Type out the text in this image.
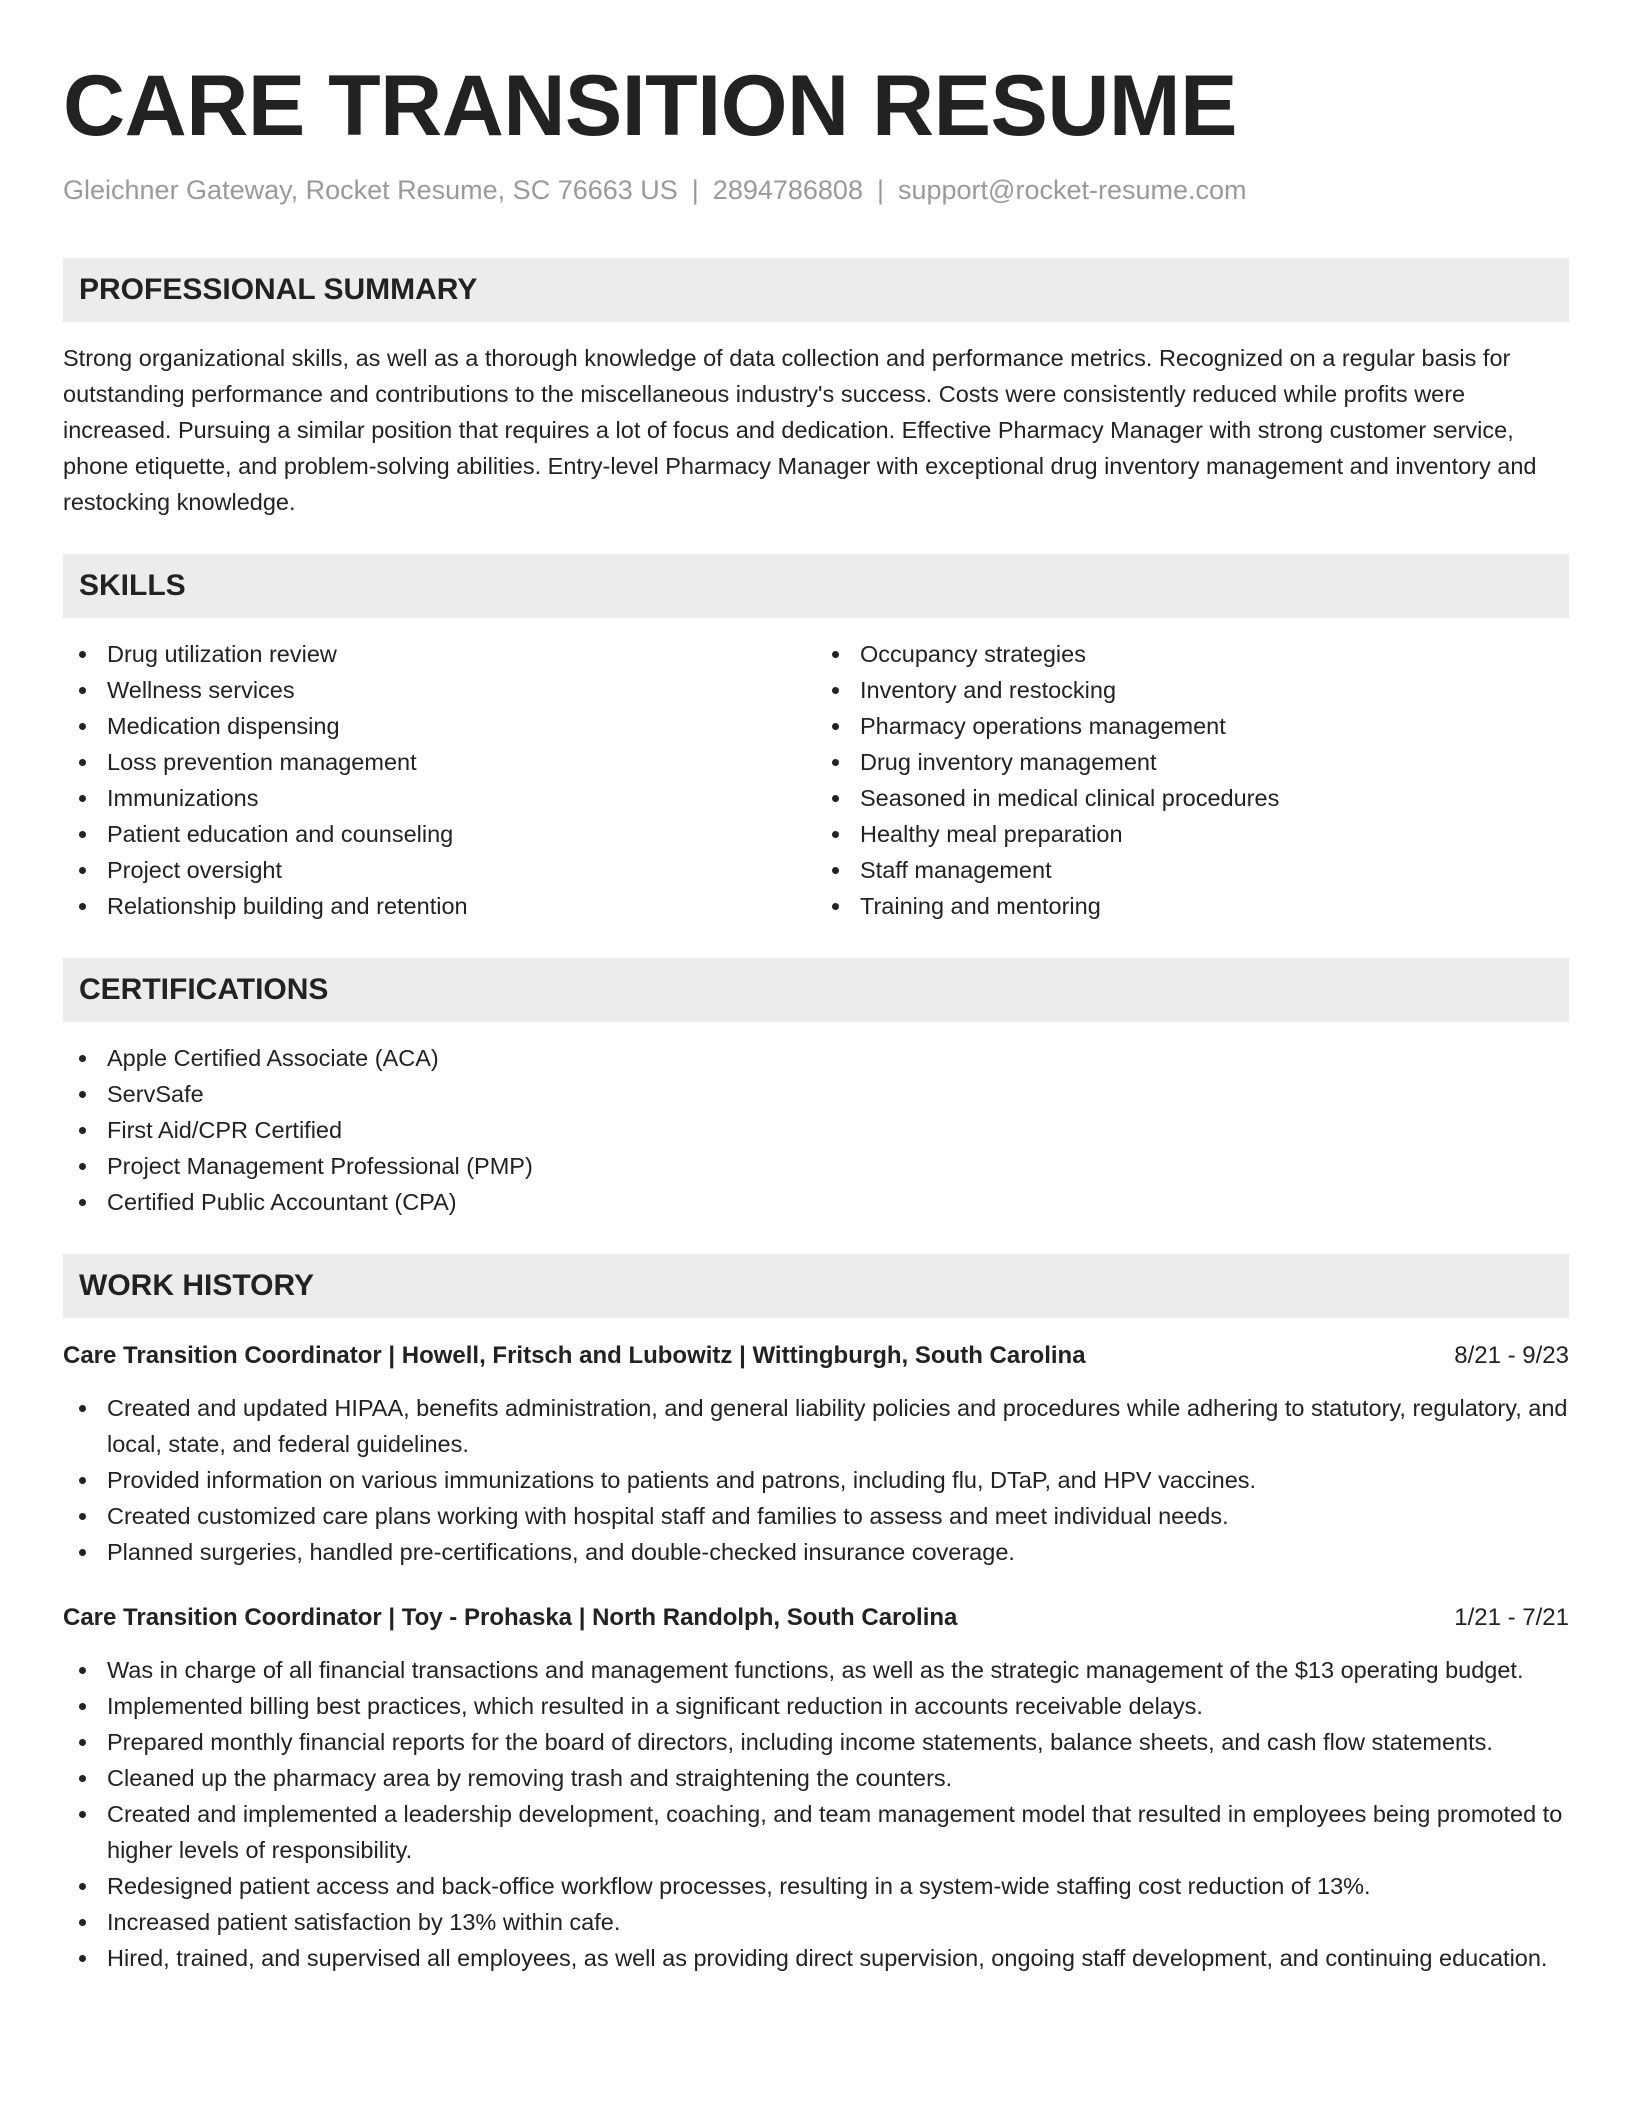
CARE TRANSITION RESUME
Gleichner Gateway, Rocket Resume, SC 76663 US | 2894786808 | support@rocket-resume.com
PROFESSIONAL SUMMARY

Strong organizational skills, as well as a thorough knowledge of data collection and performance metrics. Recognized on a regular basis for outstanding performance and contributions to the miscellaneous industry's success. Costs were consistently reduced while profits were increased. Pursuing a similar position that requires a lot of focus and dedication. Effective Pharmacy Manager with strong customer service, phone etiquette, and problem-solving abilities. Entry-level Pharmacy Manager with exceptional drug inventory management and inventory and restocking knowledge.

SKILLS
Drug utilization review
Wellness services
Medication dispensing
Loss prevention management
Immunizations
Patient education and counseling
Project oversight
Relationship building and retention
Occupancy strategies
Inventory and restocking
Pharmacy operations management
Drug inventory management
Seasoned in medical clinical procedures
Healthy meal preparation
Staff management
Training and mentoring
CERTIFICATIONS
Apple Certified Associate (ACA)
ServSafe
First Aid/CPR Certified
Project Management Professional (PMP)
Certified Public Accountant (CPA)
WORK HISTORY
Care Transition Coordinator | Howell, Fritsch and Lubowitz | Wittingburgh, South Carolina	8/21 - 9/23
Created and updated HIPAA, benefits administration, and general liability policies and procedures while adhering to statutory, regulatory, and local, state, and federal guidelines.
Provided information on various immunizations to patients and patrons, including flu, DTaP, and HPV vaccines.
Created customized care plans working with hospital staff and families to assess and meet individual needs.
Planned surgeries, handled pre-certifications, and double-checked insurance coverage.
Care Transition Coordinator | Toy - Prohaska | North Randolph, South Carolina	1/21 - 7/21
Was in charge of all financial transactions and management functions, as well as the strategic management of the $13 operating budget.
Implemented billing best practices, which resulted in a significant reduction in accounts receivable delays.
Prepared monthly financial reports for the board of directors, including income statements, balance sheets, and cash flow statements.
Cleaned up the pharmacy area by removing trash and straightening the counters.
Created and implemented a leadership development, coaching, and team management model that resulted in employees being promoted to higher levels of responsibility.
Redesigned patient access and back-office workflow processes, resulting in a system-wide staffing cost reduction of 13%.
Increased patient satisfaction by 13% within cafe.
Hired, trained, and supervised all employees, as well as providing direct supervision, ongoing staff development, and continuing education.
